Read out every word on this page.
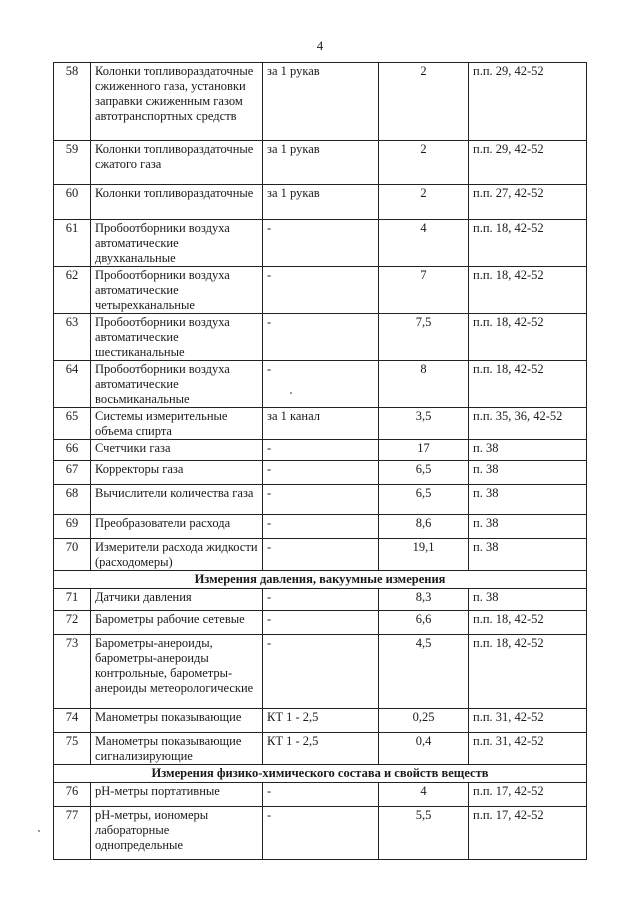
4
58	Колонки топливораздаточные сжиженного газа, установки заправки сжиженным газом автотранспортных средств	за 1 рукав	2	п.п. 29, 42-52
59	Колонки топливораздаточные сжатого газа	за 1 рукав	2	п.п. 29, 42-52
60	Колонки топливораздаточные	за 1 рукав	2	п.п. 27, 42-52
61	Пробоотборники воздуха автоматические двухканальные	-	4	п.п. 18, 42-52
62	Пробоотборники воздуха автоматические четырехканальные	-	7	п.п. 18, 42-52
63	Пробоотборники воздуха автоматические шестиканальные	-	7,5	п.п. 18, 42-52
64	Пробоотборники воздуха автоматические восьмиканальные	-	8	п.п. 18, 42-52
65	Системы измерительные объема спирта	за 1 канал	3,5	п.п. 35, 36, 42-52
66	Счетчики газа	-	17	п. 38
67	Корректоры газа	-	6,5	п. 38
68	Вычислители количества газа	-	6,5	п. 38
69	Преобразователи расхода	-	8,6	п. 38
70	Измерители расхода жидкости (расходомеры)	-	19,1	п. 38
Измерения давления, вакуумные измерения				
71	Датчики давления	-	8,3	п. 38
72	Барометры рабочие сетевые	-	6,6	п.п. 18, 42-52
73	Барометры-анероиды, барометры-анероиды контрольные, барометры-анероиды метеорологические	-	4,5	п.п. 18, 42-52
74	Манометры показывающие	КТ 1 - 2,5	0,25	п.п. 31, 42-52
75	Манометры показывающие сигнализирующие	КТ 1 - 2,5	0,4	п.п. 31, 42-52
Измерения физико-химического состава и свойств веществ				
76	pH-метры портативные	-	4	п.п. 17, 42-52
77	pH-метры, иономеры лабораторные однопредельные	-	5,5	п.п. 17, 42-52
